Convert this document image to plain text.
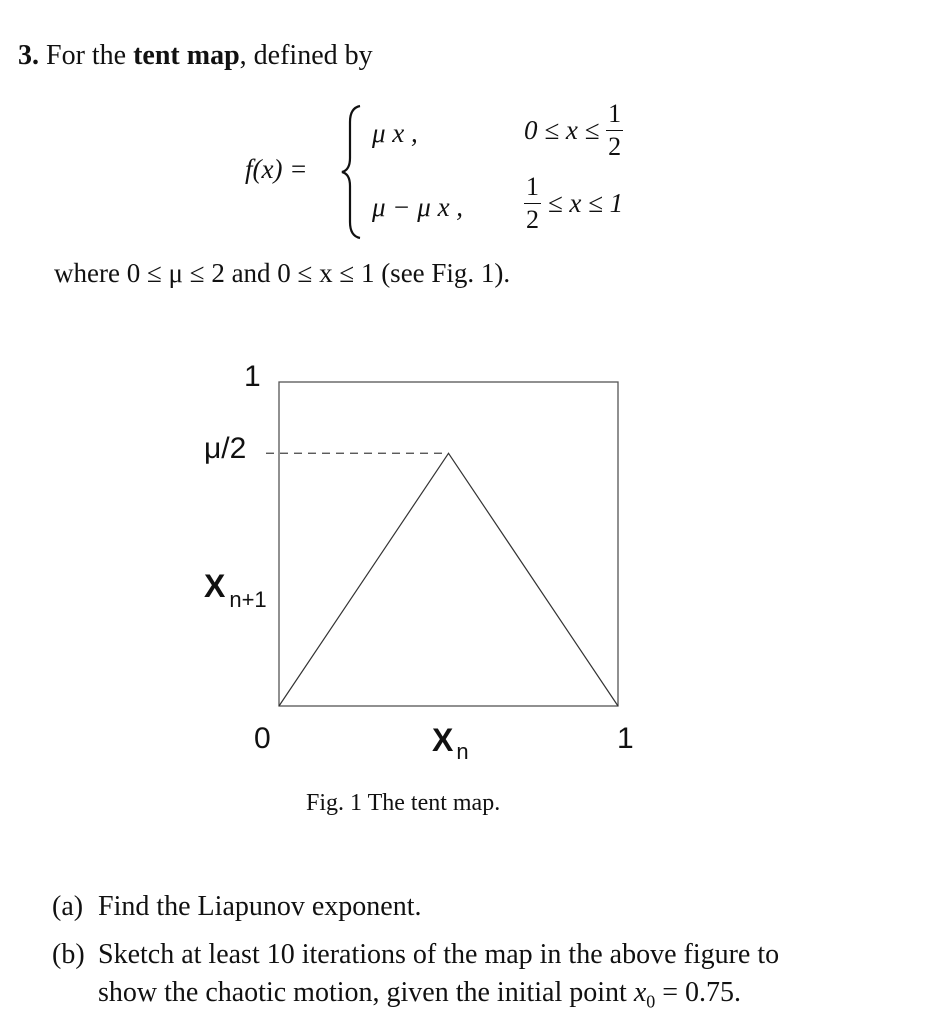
3. For the tent map, defined by
f(x) =
μ x ,	$0 \le x \le \frac{1}{2}$
μ − μ x , $\frac{1}{2} \le x \le 1$
where 0 ≤ μ ≤ 2 and 0 ≤ x ≤ 1 (see Fig. 1).
1
μ/2
X n+1
0	X n	1
Fig. 1 The tent map.
(a) Find the Liapunov exponent.
(b) Sketch at least 10 iterations of the map in the above figure to
show the chaotic motion, given the initial point $x_0 = 0.75$.
